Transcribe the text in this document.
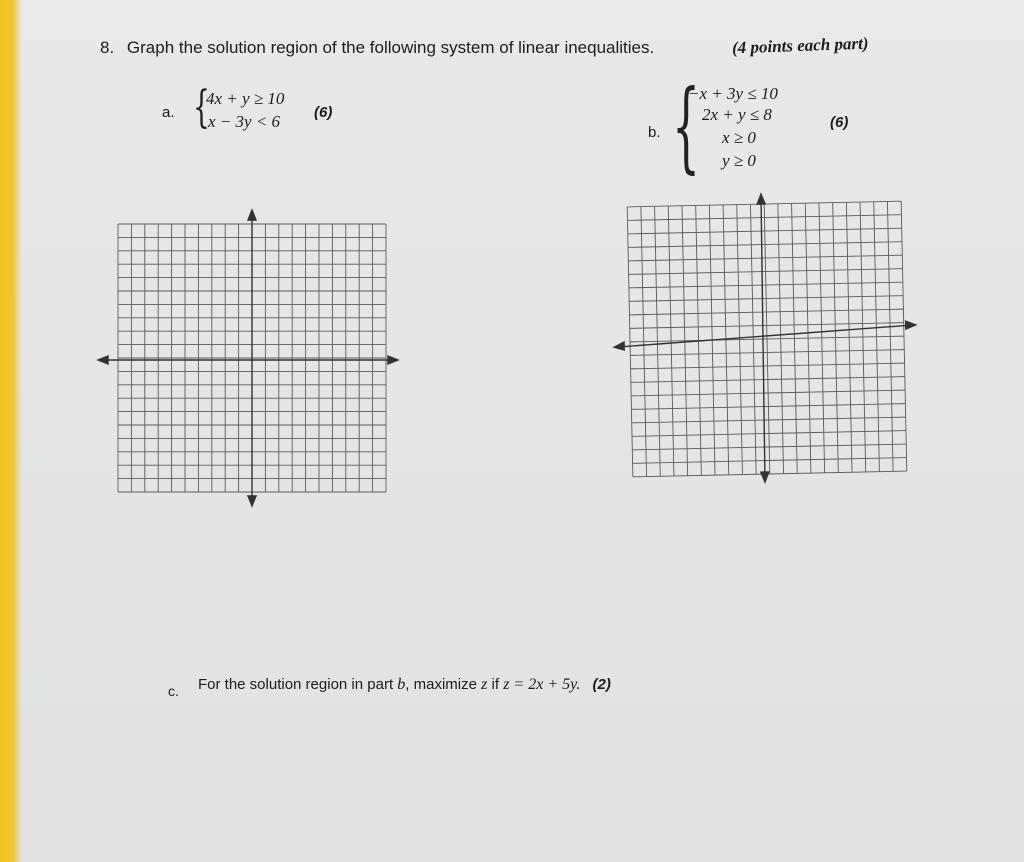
8. Graph the solution region of the following system of linear inequalities.	(4 points each part)
a. {
4x + y ≥ 10
x − 3y < 6 (6)
b. {
−x + 3y ≤ 10
2x + y ≤ 8
x ≥ 0
y ≥ 0
(6)
c. For the solution region in part b, maximize z if z = 2x + 5y. (2)
